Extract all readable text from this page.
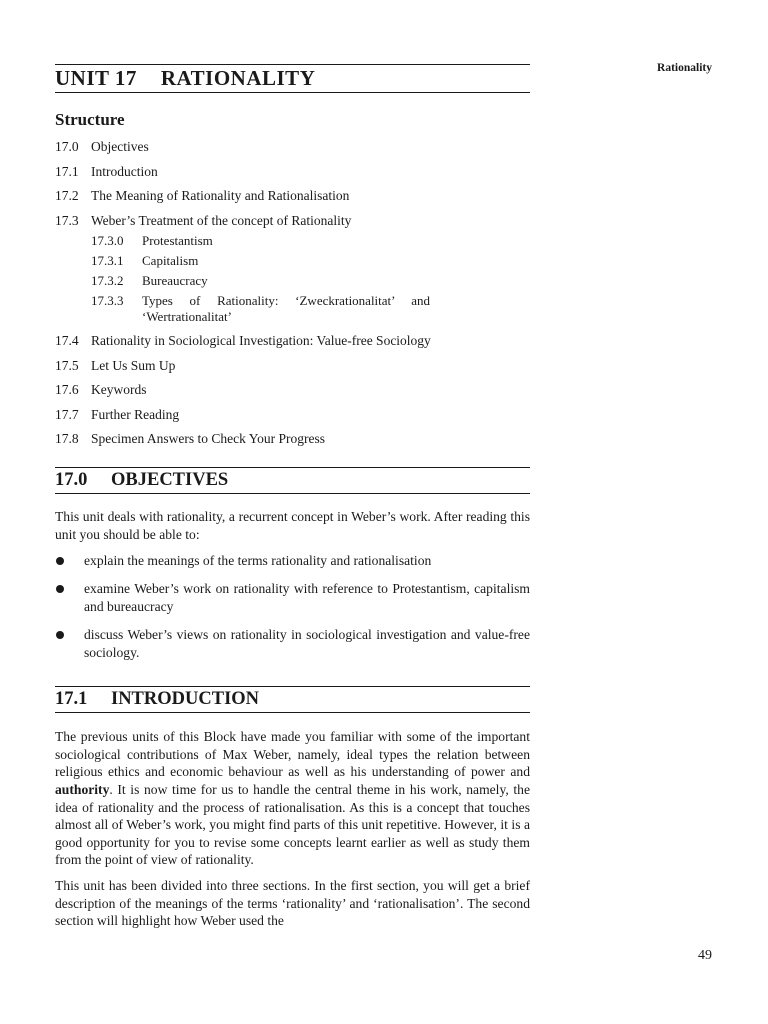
Rationality
UNIT 17 RATIONALITY
Structure
17.0 Objectives
17.1 Introduction
17.2 The Meaning of Rationality and Rationalisation
17.3 Weber’s Treatment of the concept of Rationality
17.3.0	Protestantism
17.3.1	Capitalism
17.3.2	Bureaucracy
17.3.3	Types of Rationality: ‘Zweckrationalitat’ and
‘Wertrationalitat’
17.4 Rationality in Sociological Investigation: Value-free Sociology
17.5 Let Us Sum Up
17.6 Keywords
17.7 Further Reading
17.8 Specimen Answers to Check Your Progress
17.0 OBJECTIVES
This unit deals with rationality, a recurrent concept in Weber’s work. After reading this unit you should be able to:
explain the meanings of the terms rationality and rationalisation
examine Weber’s work on rationality with reference to Protestantism, capitalism and bureaucracy
discuss Weber’s views on rationality in sociological investigation and value-free sociology.
17.1 INTRODUCTION
The previous units of this Block have made you familiar with some of the important sociological contributions of Max Weber, namely, ideal types the relation between religious ethics and economic behaviour as well as his understanding of power and authority. It is now time for us to handle the central theme in his work, namely, the idea of rationality and the process of rationalisation. As this is a concept that touches almost all of Weber’s work, you might find parts of this unit repetitive. However, it is a good opportunity for you to revise some concepts learnt earlier as well as study them from the point of view of rationality.
This unit has been divided into three sections. In the first section, you will get a brief description of the meanings of the terms ‘rationality’ and ‘rationalisation’. The second section will highlight how Weber used the
49
